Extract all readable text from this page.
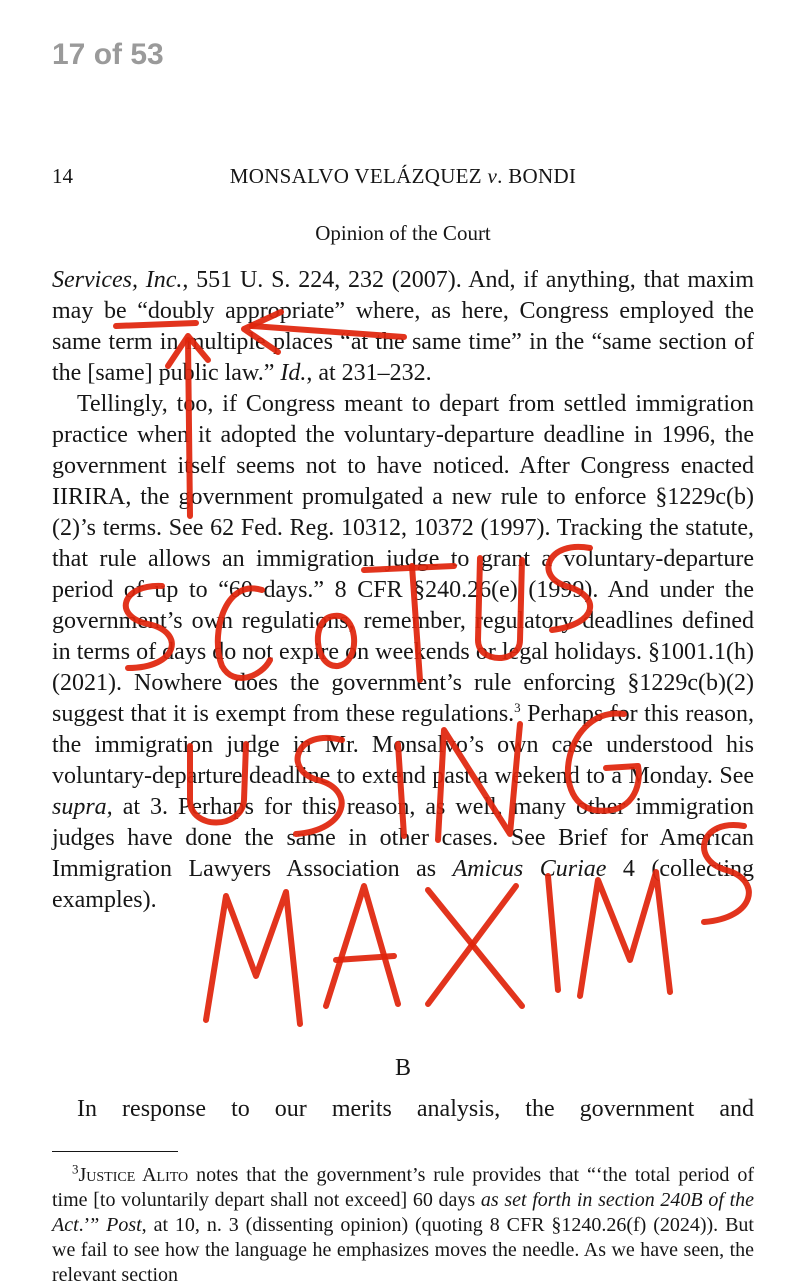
17 of 53
14	MONSALVO VELÁZQUEZ v. BONDI
Opinion of the Court

Services, Inc., 551 U. S. 224, 232 (2007). And, if anything, that maxim may be “doubly appropriate” where, as here, Congress employed the same term in multiple places “at the same time” in the “same section of the [same] public law.” Id., at 231–232.

Tellingly, too, if Congress meant to depart from settled immigration practice when it adopted the voluntary-departure deadline in 1996, the government itself seems not to have noticed. After Congress enacted IIRIRA, the government promulgated a new rule to enforce §1229c(b)(2)’s terms. See 62 Fed. Reg. 10312, 10372 (1997). Tracking the statute, that rule allows an immigration judge to grant a voluntary-departure period of up to “60 days.” 8 CFR §240.26(e) (1999). And under the government’s own regulations, remember, regulatory deadlines defined in terms of days do not expire on weekends or legal holidays. §1001.1(h) (2021). Nowhere does the government’s rule enforcing §1229c(b)(2) suggest that it is exempt from these regulations.$^3$ Perhaps for this reason, the immigration judge in Mr. Monsalvo’s own case understood his voluntary-departure deadline to extend past a weekend to a Monday. See supra, at 3. Perhaps for this reason, as well, many other immigration judges have done the same in other cases. See Brief for American Immigration Lawyers Association as Amicus Curiae 4 (collecting examples).

B

In response to our merits analysis, the government and

$^3$Justice Alito notes that the government’s rule provides that “‘the total period of time [to voluntarily depart shall not exceed] 60 days as set forth in section 240B of the Act.’” Post, at 10, n. 3 (dissenting opinion) (quoting 8 CFR §1240.26(f) (2024)). But we fail to see how the language he emphasizes moves the needle. As we have seen, the relevant section
